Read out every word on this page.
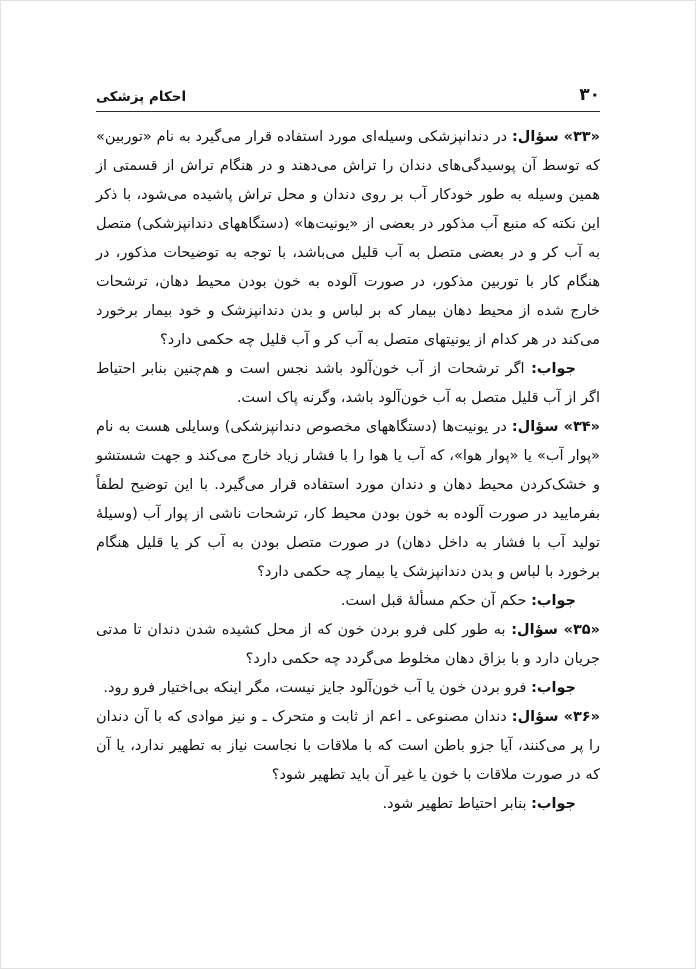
۳۰
احکام پزشکی

«۳۳» سؤال: در دندانپزشکی وسیله‌ای مورد استفاده قرار می‌گیرد به نام «توربین» که توسط آن پوسیدگی‌های دندان را تراش می‌دهند و در هنگام تراش از قسمتی از همین وسیله به طور خودکار آب بر روی دندان و محل تراش پاشیده می‌شود، با ذکر این نکته که منبع آب مذکور در بعضی از «یونیت‌ها» (دستگاههای دندانپزشکی) متصل به آب کر و در بعضی متصل به آب قلیل می‌باشد، با توجه به توضیحات مذکور، در هنگام کار با توربین مذکور، در صورت آلوده به خون بودن محیط دهان، ترشحات خارج شده از محیط دهان بیمار که بر لباس و بدن دندانپزشک و خود بیمار برخورد می‌کند در هر کدام از یونیتهای متصل به آب کر و آب قلیل چه حکمی دارد؟

جواب: اگر ترشحات از آب خون‌آلود باشد نجس است و هم‌چنین بنابر احتیاط اگر از آب قلیل متصل به آب خون‌آلود باشد، وگرنه پاک است.

«۳۴» سؤال: در یونیت‌ها (دستگاههای مخصوص دندانپزشکی) وسایلی هست به نام «پوار آب» یا «پوار هوا»، که آب یا هوا را با فشار زیاد خارج می‌کند و جهت شستشو و خشک‌کردن محیط دهان و دندان مورد استفاده قرار می‌گیرد. با این توضیح لطفاً بفرمایید در صورت آلوده به خون بودن محیط کار، ترشحات ناشی از پوار آب (وسیلهٔ تولید آب با فشار به داخل دهان) در صورت متصل بودن به آب کر یا قلیل هنگام برخورد با لباس و بدن دندانپزشک یا بیمار چه حکمی دارد؟

جواب: حکم آن حکم مسألهٔ قبل است.

«۳۵» سؤال: به طور کلی فرو بردن خون که از محل کشیده شدن دندان تا مدتی جریان دارد و با بزاق دهان مخلوط می‌گردد چه حکمی دارد؟

جواب: فرو بردن خون یا آب خون‌آلود جایز نیست، مگر اینکه بی‌اختیار فرو رود.

«۳۶» سؤال: دندان مصنوعی ـ اعم از ثابت و متحرک ـ و نیز موادی که با آن دندان را پر می‌کنند، آیا جزو باطن است که با ملاقات با نجاست نیاز به تطهیر ندارد، یا آن که در صورت ملاقات با خون یا غیر آن باید تطهیر شود؟

جواب: بنابر احتیاط تطهیر شود.
